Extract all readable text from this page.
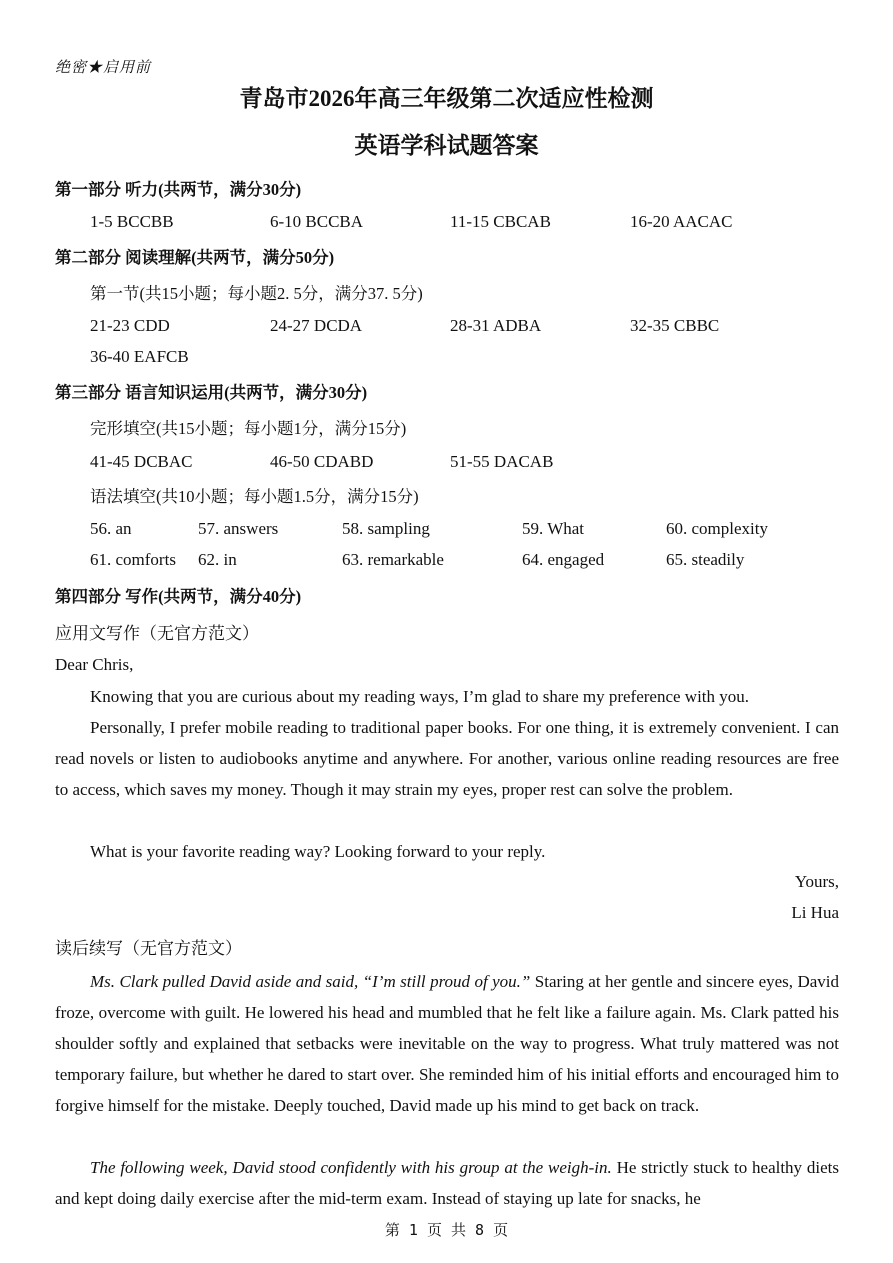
绝密★启用前
青岛市2026年高三年级第二次适应性检测
英语学科试题答案
第一部分 听力(共两节，满分30分)
1-5 BCCBB	6-10 BCCBA	11-15 CBCAB	16-20 AACAC
第二部分 阅读理解(共两节，满分50分)
第一节(共15小题；每小题2. 5分，满分37. 5分)
21-23 CDD	24-27 DCDA	28-31 ADBA	32-35 CBBC
36-40 EAFCB
第三部分 语言知识运用(共两节，满分30分)
完形填空(共15小题；每小题1分，满分15分)
41-45 DCBAC	46-50 CDABD	51-55 DACAB
语法填空(共10小题；每小题1.5分，满分15分)
56. an	57. answers	58. sampling	59. What	60. complexity
61. comforts 62. in	63. remarkable	64. engaged	65. steadily
第四部分 写作(共两节，满分40分)
应用文写作（无官方范文）
Dear Chris,
Knowing that you are curious about my reading ways, I’m glad to share my preference with you.
Personally, I prefer mobile reading to traditional paper books. For one thing, it is extremely convenient. I can read novels or listen to audiobooks anytime and anywhere. For another, various online reading resources are free to access, which saves my money. Though it may strain my eyes, proper rest can solve the problem.
What is your favorite reading way? Looking forward to your reply.
Yours,
Li Hua
读后续写（无官方范文）
Ms. Clark pulled David aside and said, “I’m still proud of you.” Staring at her gentle and sincere eyes, David froze, overcome with guilt. He lowered his head and mumbled that he felt like a failure again. Ms. Clark patted his shoulder softly and explained that setbacks were inevitable on the way to progress. What truly mattered was not temporary failure, but whether he dared to start over. She reminded him of his initial efforts and encouraged him to forgive himself for the mistake. Deeply touched, David made up his mind to get back on track.
The following week, David stood confidently with his group at the weigh-in. He strictly stuck to healthy diets and kept doing daily exercise after the mid-term exam. Instead of staying up late for snacks, he
第 1 页 共 8 页
